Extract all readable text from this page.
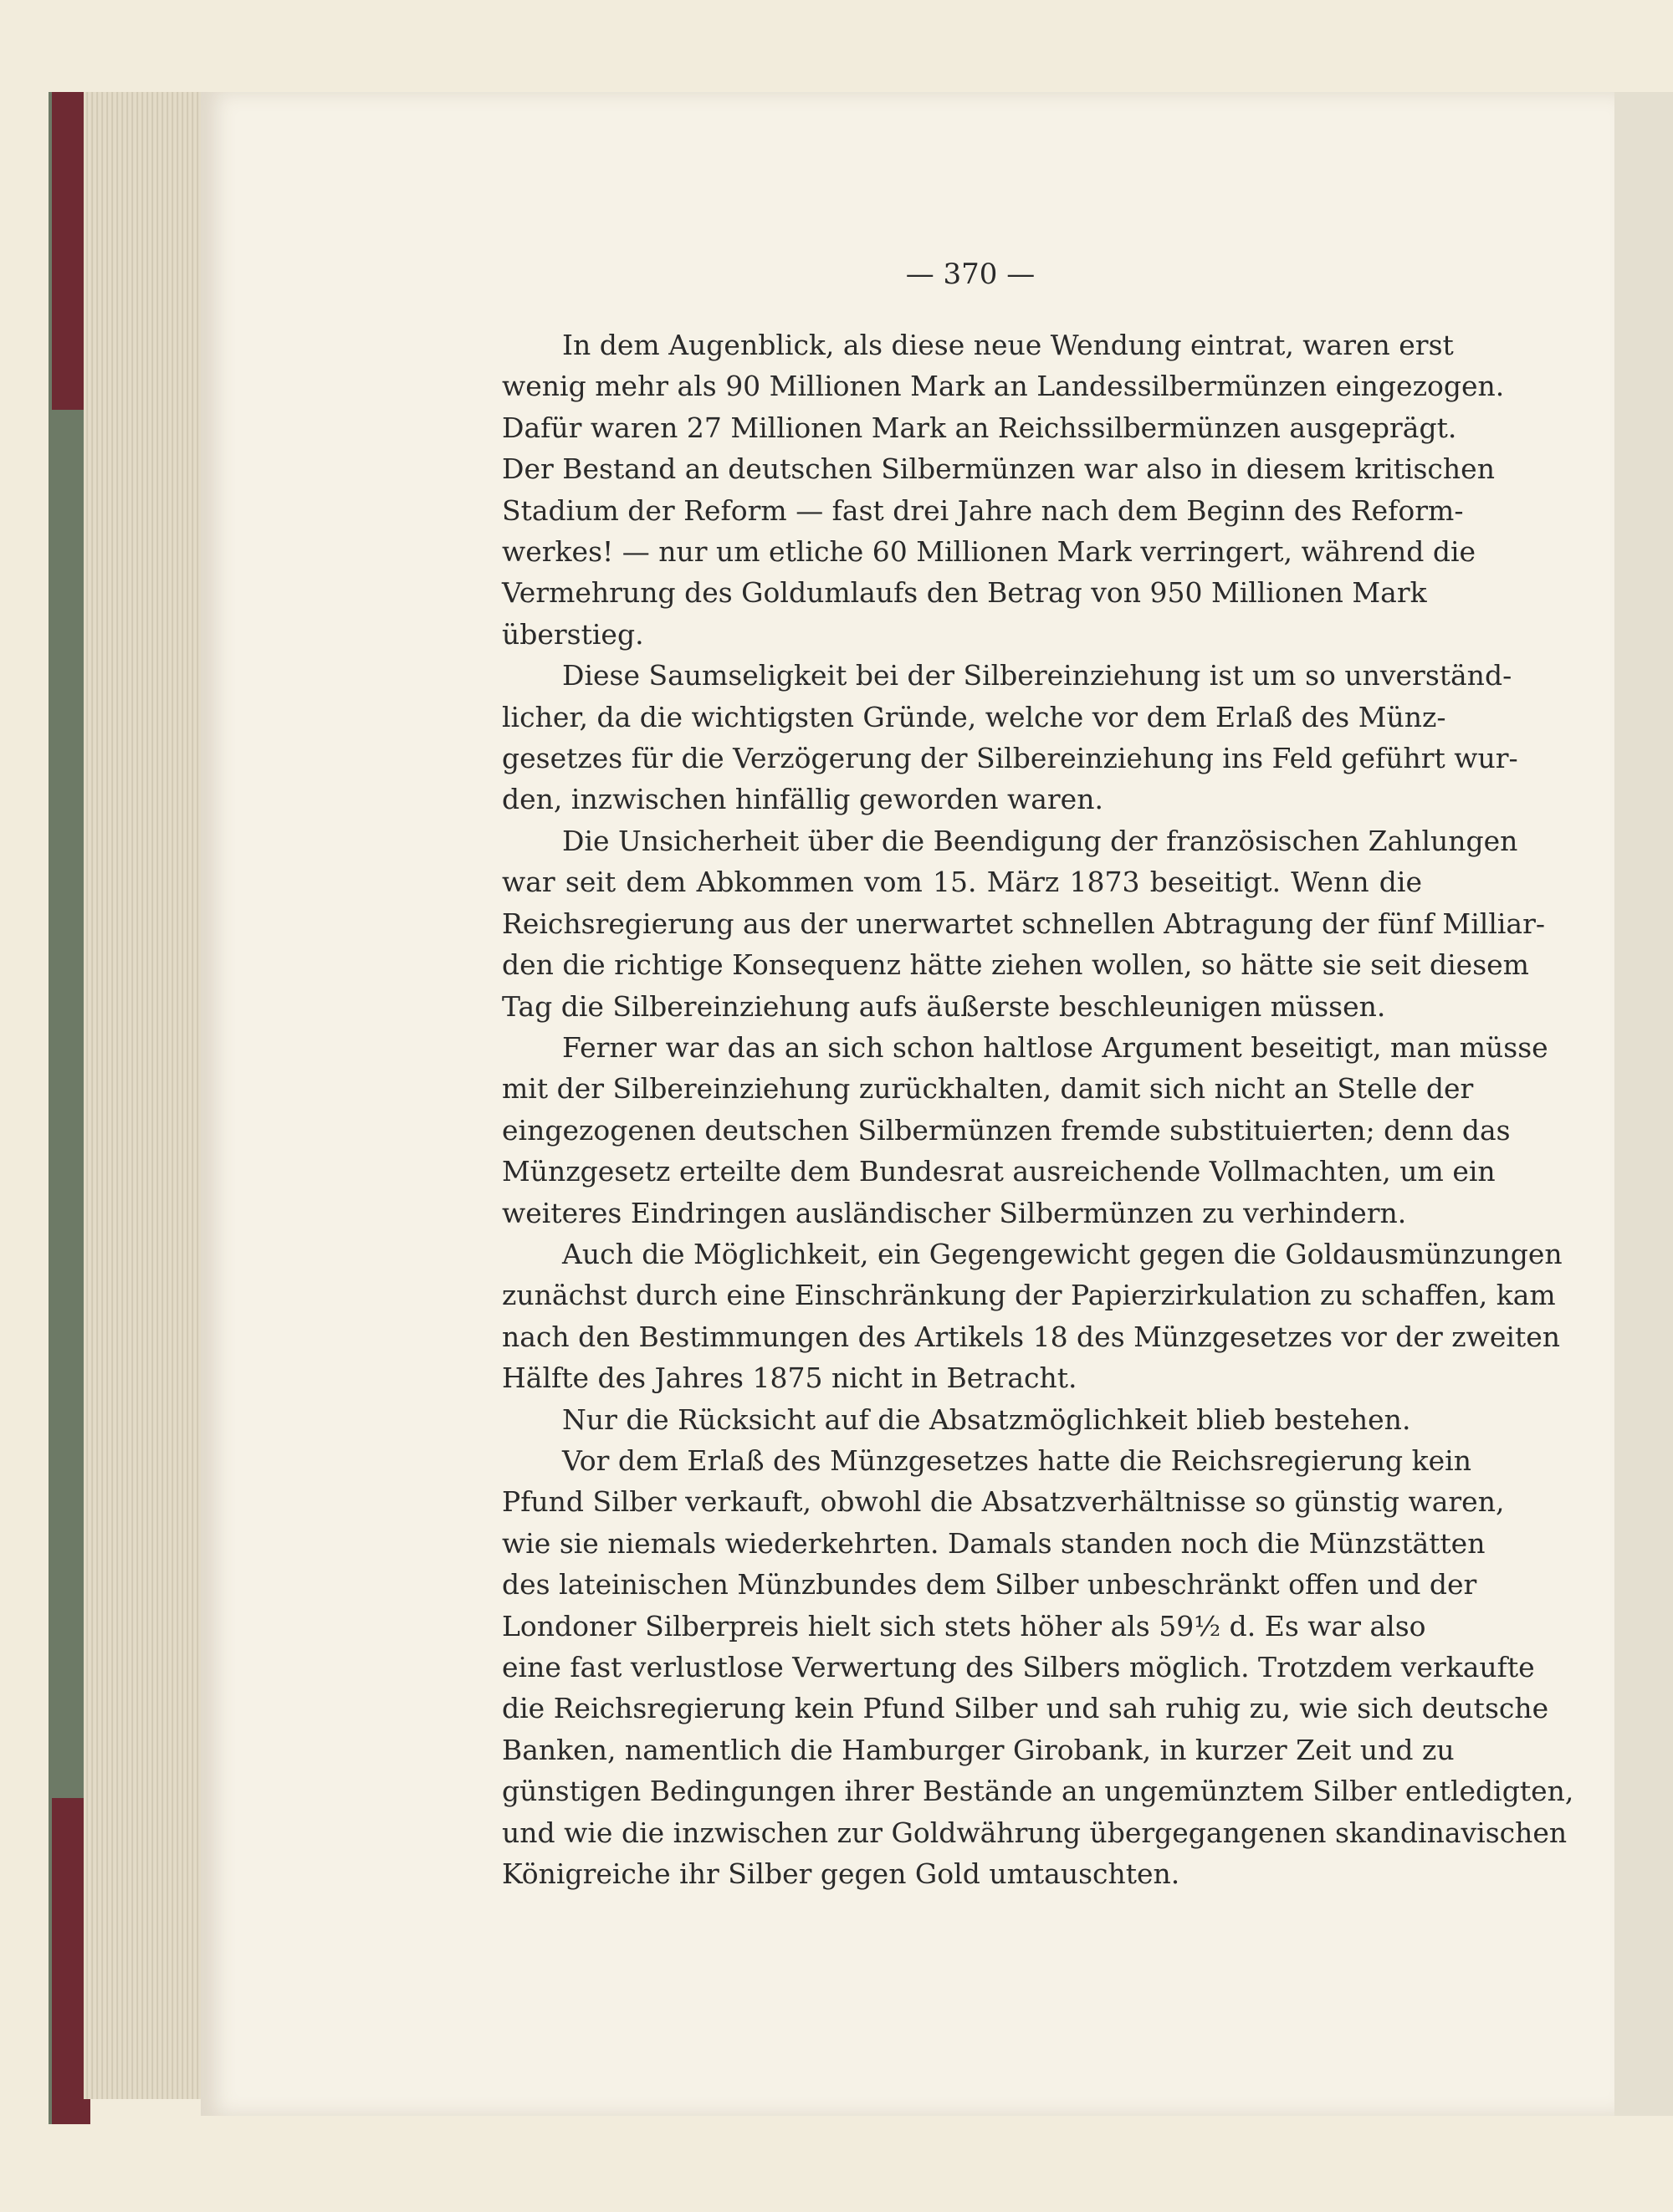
— 370 —
In dem Augenblick, als diese neue Wendung eintrat, waren erst
wenig mehr als 90 Millionen Mark an Landessilbermünzen eingezogen.
Dafür waren 27 Millionen Mark an Reichssilbermünzen ausgeprägt.
Der Bestand an deutschen Silbermünzen war also in diesem kritischen
Stadium der Reform — fast drei Jahre nach dem Beginn des Reform-
werkes! — nur um etliche 60 Millionen Mark verringert, während die
Vermehrung des Goldumlaufs den Betrag von 950 Millionen Mark
überstieg.
Diese Saumseligkeit bei der Silbereinziehung ist um so unverständ-
licher, da die wichtigsten Gründe, welche vor dem Erlaß des Münz-
gesetzes für die Verzögerung der Silbereinziehung ins Feld geführt wur-
den, inzwischen hinfällig geworden waren.
Die Unsicherheit über die Beendigung der französischen Zahlungen
war seit dem Abkommen vom 15. März 1873 beseitigt. Wenn die
Reichsregierung aus der unerwartet schnellen Abtragung der fünf Milliar-
den die richtige Konsequenz hätte ziehen wollen, so hätte sie seit diesem
Tag die Silbereinziehung aufs äußerste beschleunigen müssen.
Ferner war das an sich schon haltlose Argument beseitigt, man müsse
mit der Silbereinziehung zurückhalten, damit sich nicht an Stelle der
eingezogenen deutschen Silbermünzen fremde substituierten; denn das
Münzgesetz erteilte dem Bundesrat ausreichende Vollmachten, um ein
weiteres Eindringen ausländischer Silbermünzen zu verhindern.
Auch die Möglichkeit, ein Gegengewicht gegen die Goldausmünzungen
zunächst durch eine Einschränkung der Papierzirkulation zu schaffen, kam
nach den Bestimmungen des Artikels 18 des Münzgesetzes vor der zweiten
Hälfte des Jahres 1875 nicht in Betracht.
Nur die Rücksicht auf die Absatzmöglichkeit blieb bestehen.
Vor dem Erlaß des Münzgesetzes hatte die Reichsregierung kein
Pfund Silber verkauft, obwohl die Absatzverhältnisse so günstig waren,
wie sie niemals wiederkehrten. Damals standen noch die Münzstätten
des lateinischen Münzbundes dem Silber unbeschränkt offen und der
Londoner Silberpreis hielt sich stets höher als 59½ d. Es war also
eine fast verlustlose Verwertung des Silbers möglich. Trotzdem verkaufte
die Reichsregierung kein Pfund Silber und sah ruhig zu, wie sich deutsche
Banken, namentlich die Hamburger Girobank, in kurzer Zeit und zu
günstigen Bedingungen ihrer Bestände an ungemünztem Silber entledigten,
und wie die inzwischen zur Goldwährung übergegangenen skandinavischen
Königreiche ihr Silber gegen Gold umtauschten.
